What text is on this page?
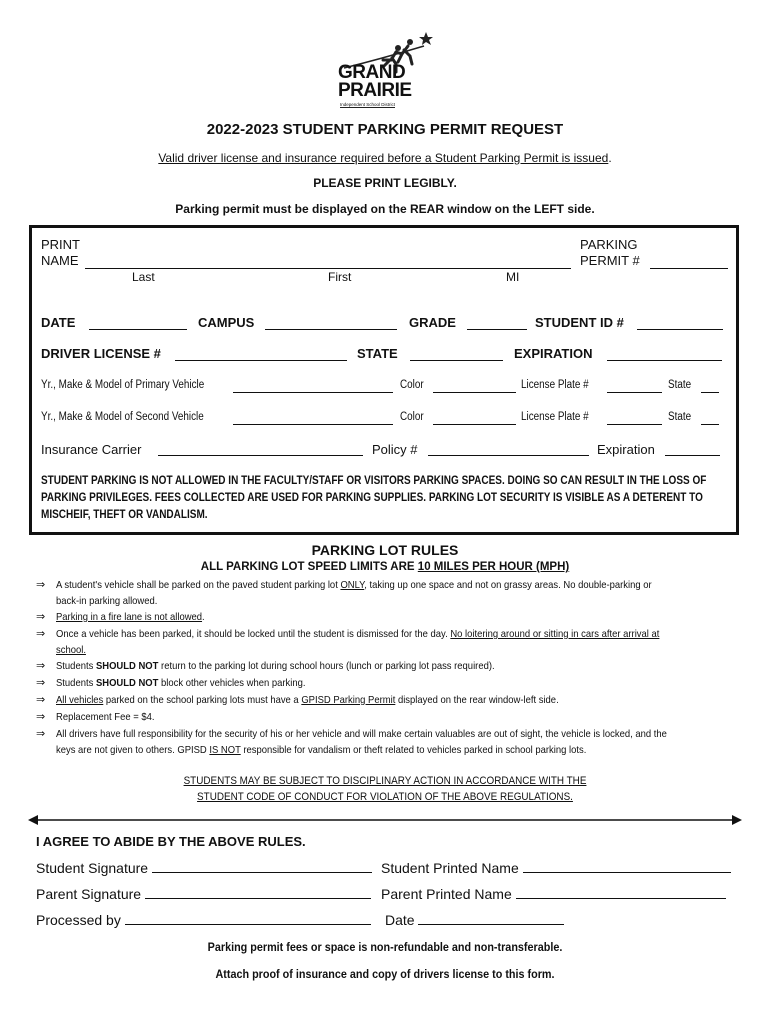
GRAND
PRAIRIE
Independent School District
2022-2023 STUDENT PARKING PERMIT REQUEST
Valid driver license and insurance required before a Student Parking Permit is issued.
PLEASE PRINT LEGIBLY.
Parking permit must be displayed on the REAR window on the LEFT side.
PRINT
NAME
PARKING
PERMIT #
Last	First	MI
DATE	CAMPUS	GRADE	STUDENT ID #
DRIVER LICENSE #	STATE	EXPIRATION
Yr., Make & Model of Primary Vehicle	Color	License Plate #	State
Yr., Make & Model of Second Vehicle	Color	License Plate #	State
Insurance Carrier	Policy #	Expiration
STUDENT PARKING IS NOT ALLOWED IN THE FACULTY/STAFF OR VISITORS PARKING SPACES. DOING SO CAN RESULT IN THE LOSS OF PARKING PRIVILEGES. FEES COLLECTED ARE USED FOR PARKING SUPPLIES. PARKING LOT SECURITY IS VISIBLE AS A DETERENT TO MISCHEIF, THEFT OR VANDALISM.
PARKING LOT RULES
ALL PARKING LOT SPEED LIMITS ARE 10 MILES PER HOUR (MPH)
⇒ A student's vehicle shall be parked on the paved student parking lot ONLY, taking up one space and not on grassy areas. No double-parking or
back-in parking allowed.
⇒ Parking in a fire lane is not allowed.
⇒ Once a vehicle has been parked, it should be locked until the student is dismissed for the day. No loitering around or sitting in cars after arrival at
school.
⇒ Students SHOULD NOT return to the parking lot during school hours (lunch or parking lot pass required).
⇒ Students SHOULD NOT block other vehicles when parking.
⇒ All vehicles parked on the school parking lots must have a GPISD Parking Permit displayed on the rear window-left side.
⇒ Replacement Fee = $4.
⇒ All drivers have full responsibility for the security of his or her vehicle and will make certain valuables are out of sight, the vehicle is locked, and the
keys are not given to others. GPISD IS NOT responsible for vandalism or theft related to vehicles parked in school parking lots.
STUDENTS MAY BE SUBJECT TO DISCIPLINARY ACTION IN ACCORDANCE WITH THE
STUDENT CODE OF CONDUCT FOR VIOLATION OF THE ABOVE REGULATIONS.
I AGREE TO ABIDE BY THE ABOVE RULES.
Student Signature	Student Printed Name
Parent Signature	Parent Printed Name
Processed by	Date
Parking permit fees or space is non-refundable and non-transferable.
Attach proof of insurance and copy of drivers license to this form.
